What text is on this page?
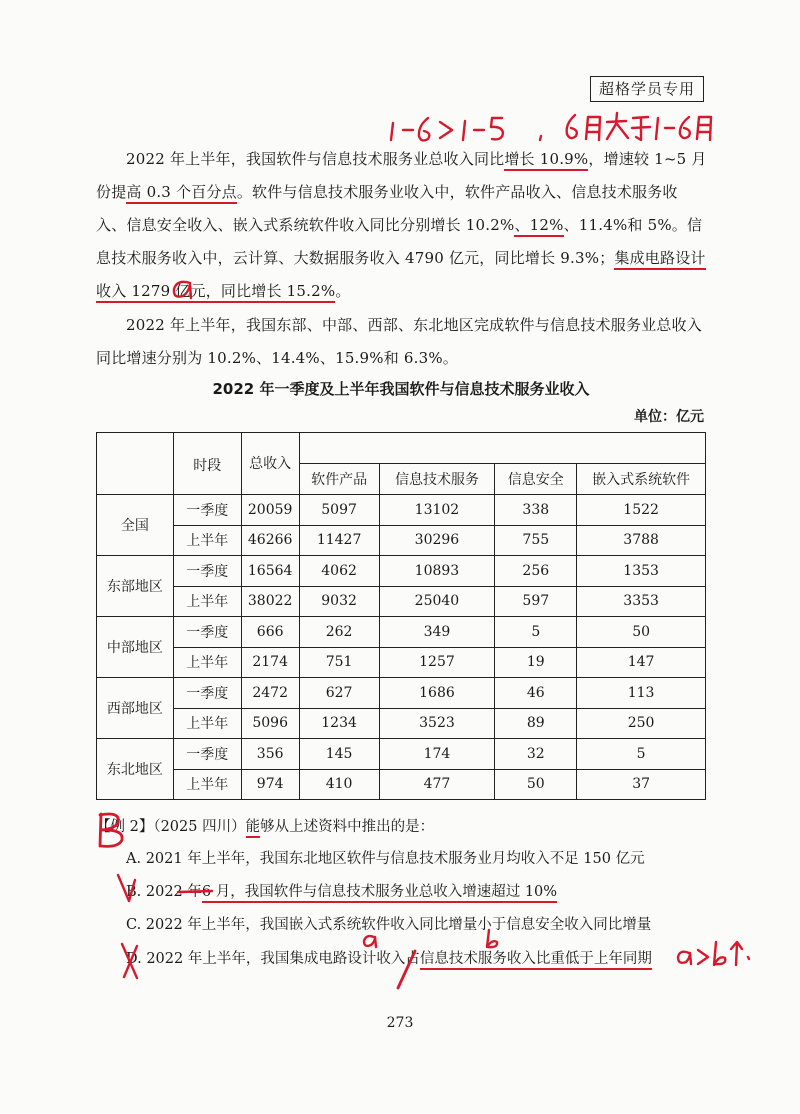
超格学员专用

2022 年上半年，我国软件与信息技术服务业总收入同比增长 10.9%，增速较 1~5 月份提高 0.3 个百分点。软件与信息技术服务业收入中，软件产品收入、信息技术服务收入、信息安全收入、嵌入式系统软件收入同比分别增长 10.2%、12%、11.4%和 5%。信息技术服务收入中，云计算、大数据服务收入 4790 亿元，同比增长 9.3%；集成电路设计收入 1279 亿元，同比增长 15.2%。

2022 年上半年，我国东部、中部、西部、东北地区完成软件与信息技术服务业总收入同比增速分别为 10.2%、14.4%、15.9%和 6.3%。

2022 年一季度及上半年我国软件与信息技术服务业收入
单位：亿元
	时段	总收入				
			软件产品	信息技术服务	信息安全	嵌入式系统软件
全国	一季度	20059	5097	13102	338	1522
	上半年	46266	11427	30296	755	3788
东部地区	一季度	16564	4062	10893	256	1353
	上半年	38022	9032	25040	597	3353
中部地区	一季度	666	262	349	5	50
	上半年	2174	751	1257	19	147
西部地区	一季度	2472	627	1686	46	113
	上半年	5096	1234	3523	89	250
东北地区	一季度	356	145	174	32	5
	上半年	974	410	477	50	37

【例 2】（2025 四川）能够从上述资料中推出的是：

A. 2021 年上半年，我国东北地区软件与信息技术服务业月均收入不足 150 亿元

B. 2022 年6 月，我国软件与信息技术服务业总收入增速超过 10%

C. 2022 年上半年，我国嵌入式系统软件收入同比增量小于信息安全收入同比增量

D. 2022 年上半年，我国集成电路设计收入占信息技术服务收入比重低于上年同期

273
